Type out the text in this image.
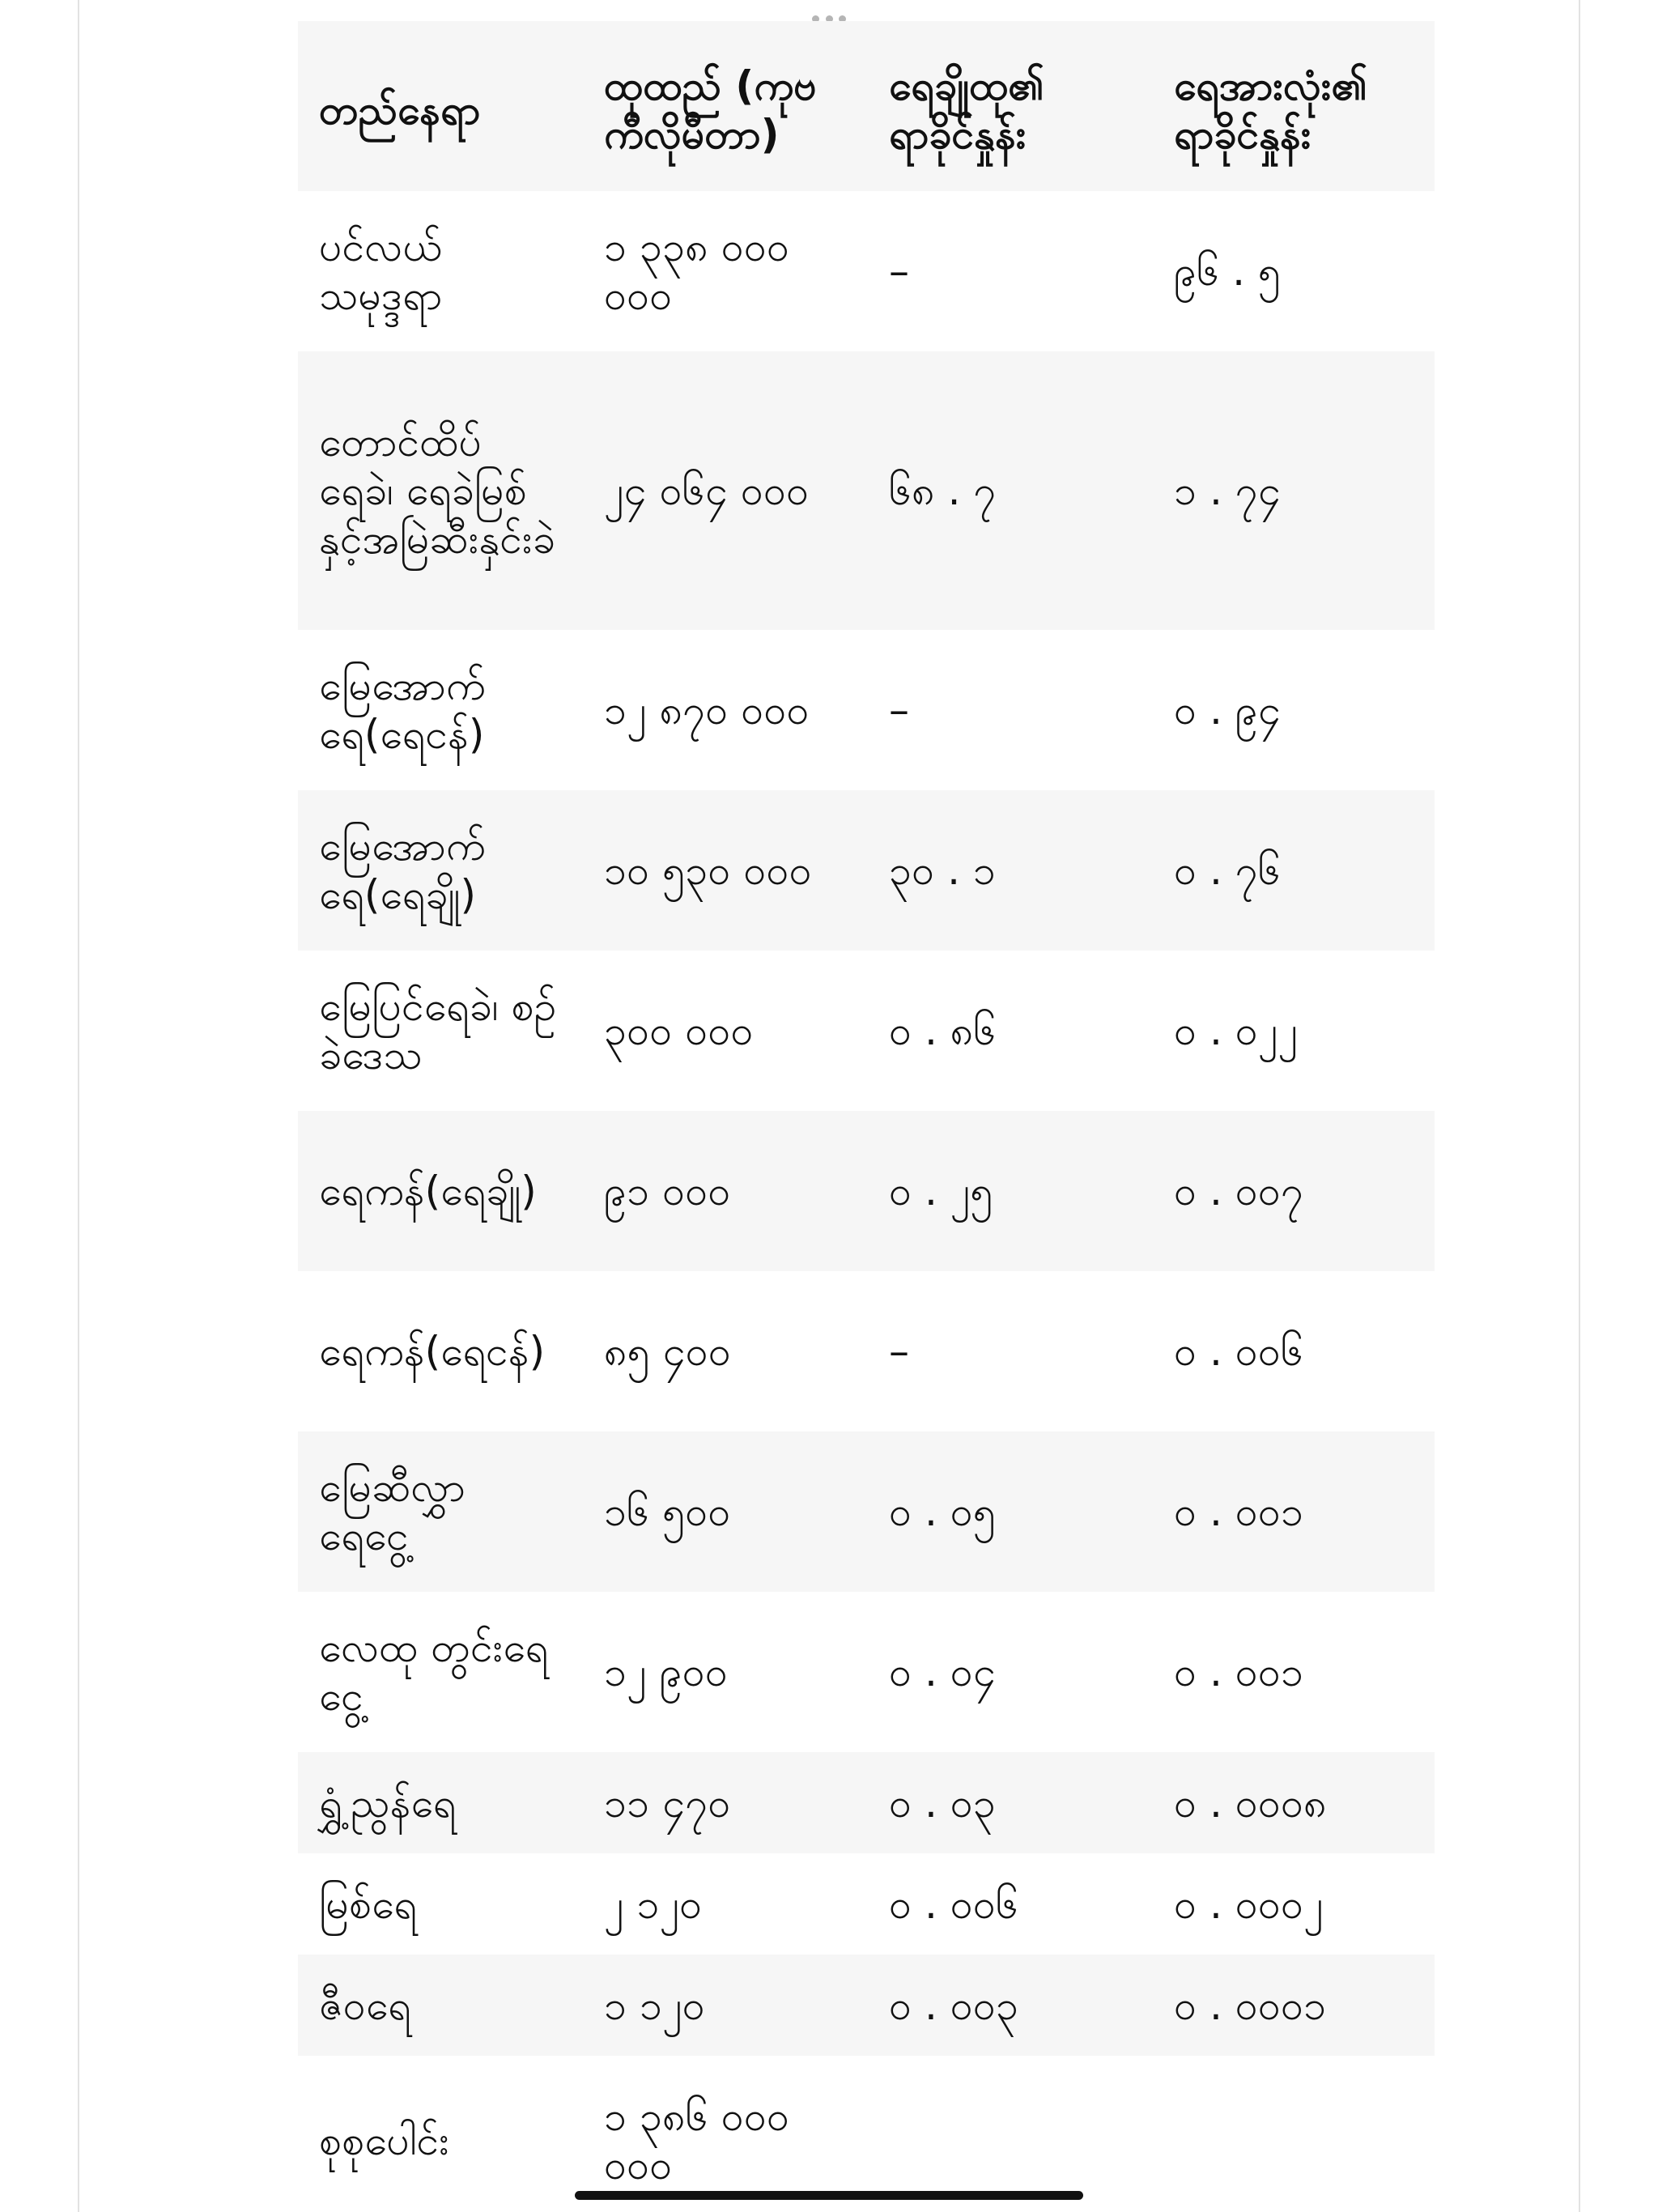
တည်နေရာ	ထုထည် (ကုဗ ကီလိုမီတာ)	ရေချိုထု၏ ရာခိုင်နှုန်း	ရေအားလုံး၏ ရာခိုင်နှုန်း
ပင်လယ် သမုဒ္ဒရာ	၁ ၃၃၈ ၀၀၀ ၀၀၀	–	၉၆ . ၅
တောင်ထိပ် ရေခဲ၊ ရေခဲမြစ်နှင့်အမြဲဆီးနှင်းခဲ	၂၄ ၀၆၄ ၀၀၀	၆၈ . ၇	၁ . ၇၄
မြေအောက် ရေ(ရေငန်)	၁၂ ၈၇၀ ၀၀၀	–	၀ . ၉၄
မြေအောက် ရေ(ရေချို)	၁၀ ၅၃၀ ၀၀၀	၃၀ . ၁	၀ . ၇၆
မြေပြင်ရေခဲ၊ စဉ်ခဲဒေသ	၃၀၀ ၀၀၀	၀ . ၈၆	၀ . ၀၂၂
ရေကန်(ရေချို)	၉၁ ၀၀၀	၀ . ၂၅	၀ . ၀၀၇
ရေကန်(ရေငန်)	၈၅ ၄၀၀	–	၀ . ၀၀၆
မြေဆီလွှာ ရေငွေ့	၁၆ ၅၀၀	၀ . ၀၅	၀ . ၀၀၁
လေထု တွင်းရေငွေ့	၁၂ ၉၀၀	၀ . ၀၄	၀ . ၀၀၁
ရွှံ့ညွန်ရေ	၁၁ ၄၇၀	၀ . ၀၃	၀ . ၀၀၀၈
မြစ်ရေ	၂ ၁၂၀	၀ . ၀၀၆	၀ . ၀၀၀၂
ဇီဝရေ	၁ ၁၂၀	၀ . ၀၀၃	၀ . ၀၀၀၁
စုစုပေါင်း	၁ ၃၈၆ ၀၀၀ ၀၀၀		
